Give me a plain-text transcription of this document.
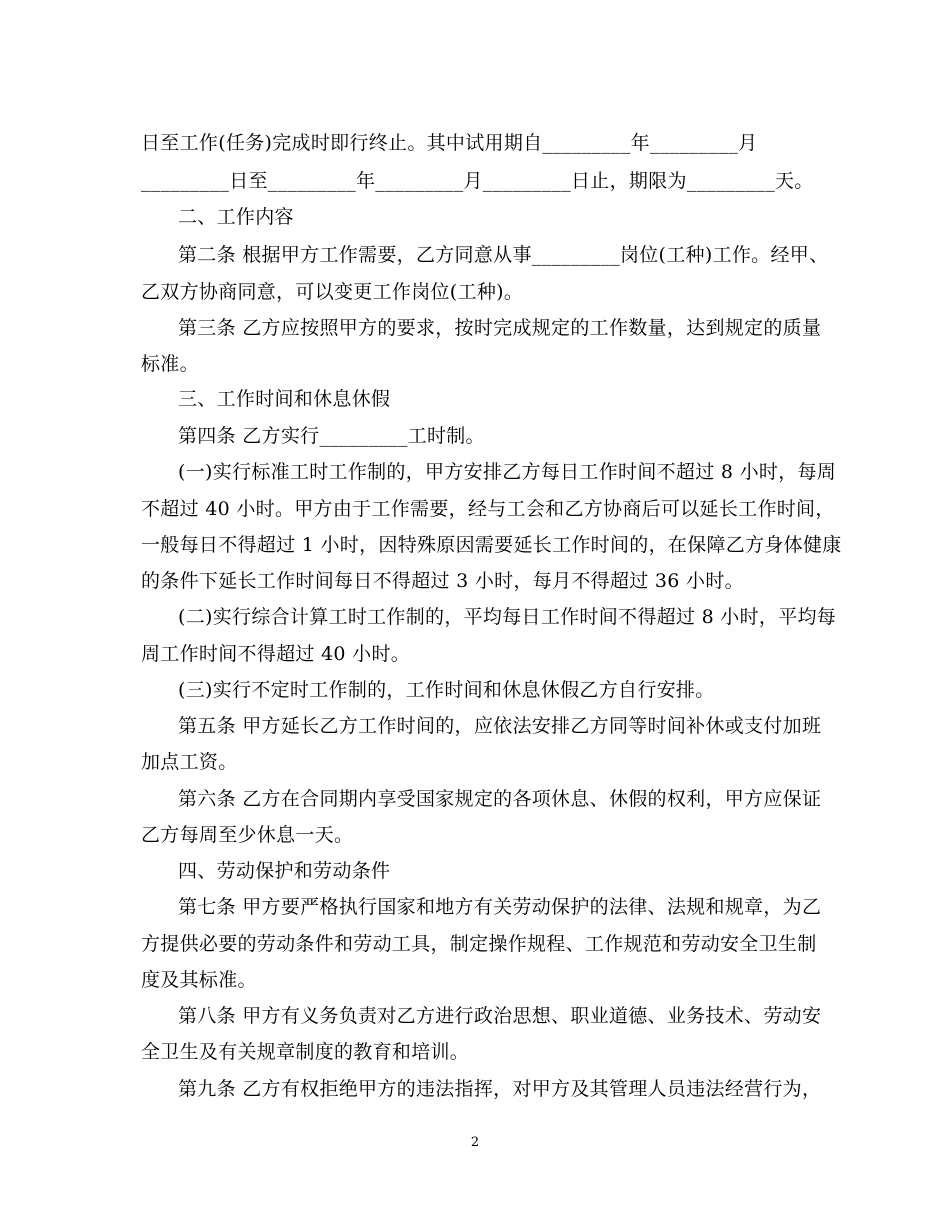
日至工作(任务)完成时即行终止。其中试用期自_________年_________月
_________日至_________年_________月_________日止，期限为_________天。
二、工作内容
第二条 根据甲方工作需要，乙方同意从事_________岗位(工种)工作。经甲、
乙双方协商同意，可以变更工作岗位(工种)。
第三条 乙方应按照甲方的要求，按时完成规定的工作数量，达到规定的质量
标准。
三、工作时间和休息休假
第四条 乙方实行_________工时制。
(一)实行标准工时工作制的，甲方安排乙方每日工作时间不超过 8 小时，每周
不超过 40 小时。甲方由于工作需要，经与工会和乙方协商后可以延长工作时间，
一般每日不得超过 1 小时，因特殊原因需要延长工作时间的，在保障乙方身体健康
的条件下延长工作时间每日不得超过 3 小时，每月不得超过 36 小时。
(二)实行综合计算工时工作制的，平均每日工作时间不得超过 8 小时，平均每
周工作时间不得超过 40 小时。
(三)实行不定时工作制的，工作时间和休息休假乙方自行安排。
第五条 甲方延长乙方工作时间的，应依法安排乙方同等时间补休或支付加班
加点工资。
第六条 乙方在合同期内享受国家规定的各项休息、休假的权利，甲方应保证
乙方每周至少休息一天。
四、劳动保护和劳动条件
第七条 甲方要严格执行国家和地方有关劳动保护的法律、法规和规章，为乙
方提供必要的劳动条件和劳动工具，制定操作规程、工作规范和劳动安全卫生制
度及其标准。
第八条 甲方有义务负责对乙方进行政治思想、职业道德、业务技术、劳动安
全卫生及有关规章制度的教育和培训。
第九条 乙方有权拒绝甲方的违法指挥，对甲方及其管理人员违法经营行为，
2
